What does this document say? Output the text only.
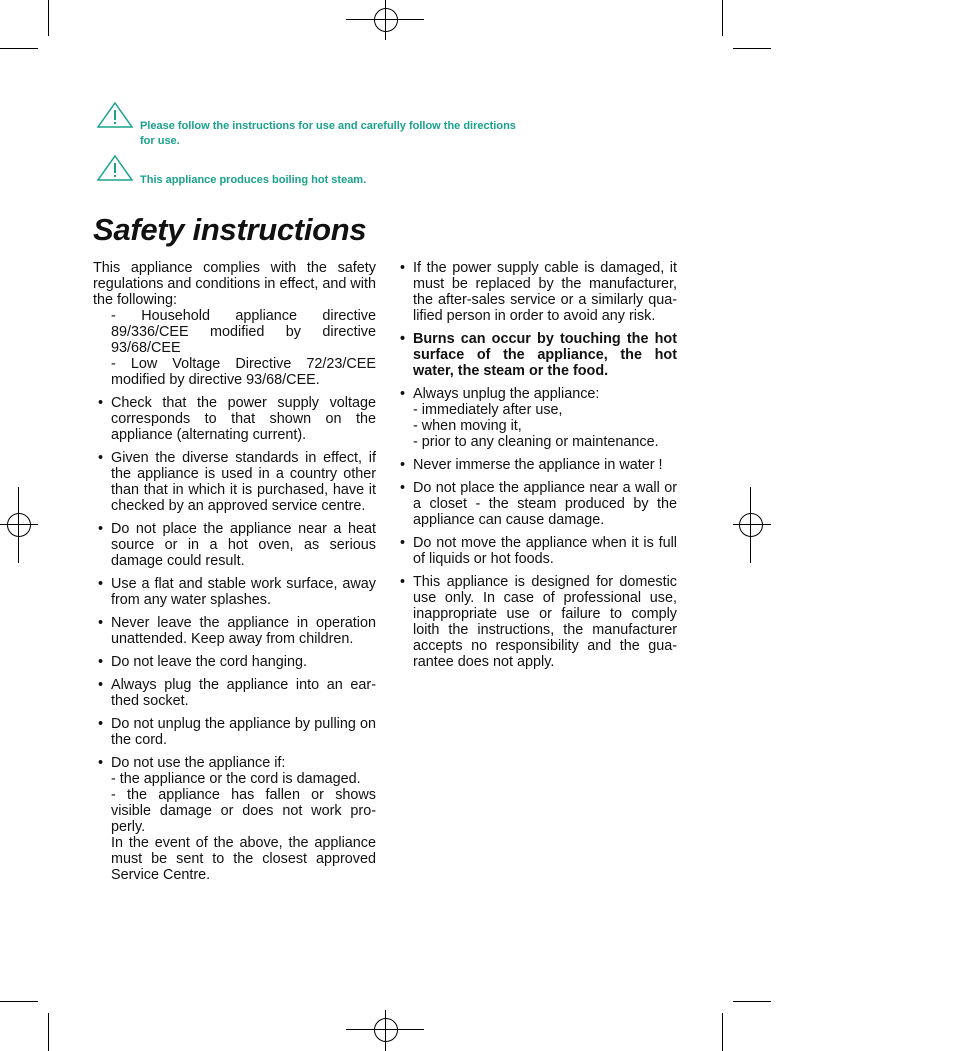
Please follow the instructions for use and carefully follow the directions
for use.
This appliance produces boiling hot steam.
Safety instructions

This appliance complies with the safety regulations and conditions in effect, and with the following:

- Household appliance directive 89/336/CEE modified by directive 93/68/CEE
- Low Voltage Directive 72/23/CEE modified by directive 93/68/CEE.
• Check that the power supply voltage corresponds to that shown on the appliance (alternating current).
• Given the diverse standards in effect, if the appliance is used in a country other than that in which it is purchased, have it checked by an approved service centre.
• Do not place the appliance near a heat source or in a hot oven, as serious damage could result.
• Use a flat and stable work surface, away from any water splashes.
• Never leave the appliance in operation unattended. Keep away from children.
• Do not leave the cord hanging.
• Always plug the appliance into an ear-thed socket.
• Do not unplug the appliance by pulling on the cord.
• Do not use the appliance if:
- the appliance or the cord is damaged.
- the appliance has fallen or shows visible damage or does not work pro-perly.
In the event of the above, the appliance must be sent to the closest approved Service Centre.
• If the power supply cable is damaged, it must be replaced by the manufacturer, the after-sales service or a similarly qua-lified person in order to avoid any risk.
• Burns can occur by touching the hot surface of the appliance, the hot water, the steam or the food.
• Always unplug the appliance:
- immediately after use,
- when moving it,
- prior to any cleaning or maintenance.
• Never immerse the appliance in water !
• Do not place the appliance near a wall or a closet - the steam produced by the appliance can cause damage.
• Do not move the appliance when it is full of liquids or hot foods.
• This appliance is designed for domestic use only. In case of professional use, inappropriate use or failure to comply loith the instructions, the manufacturer accepts no responsibility and the gua-rantee does not apply.
